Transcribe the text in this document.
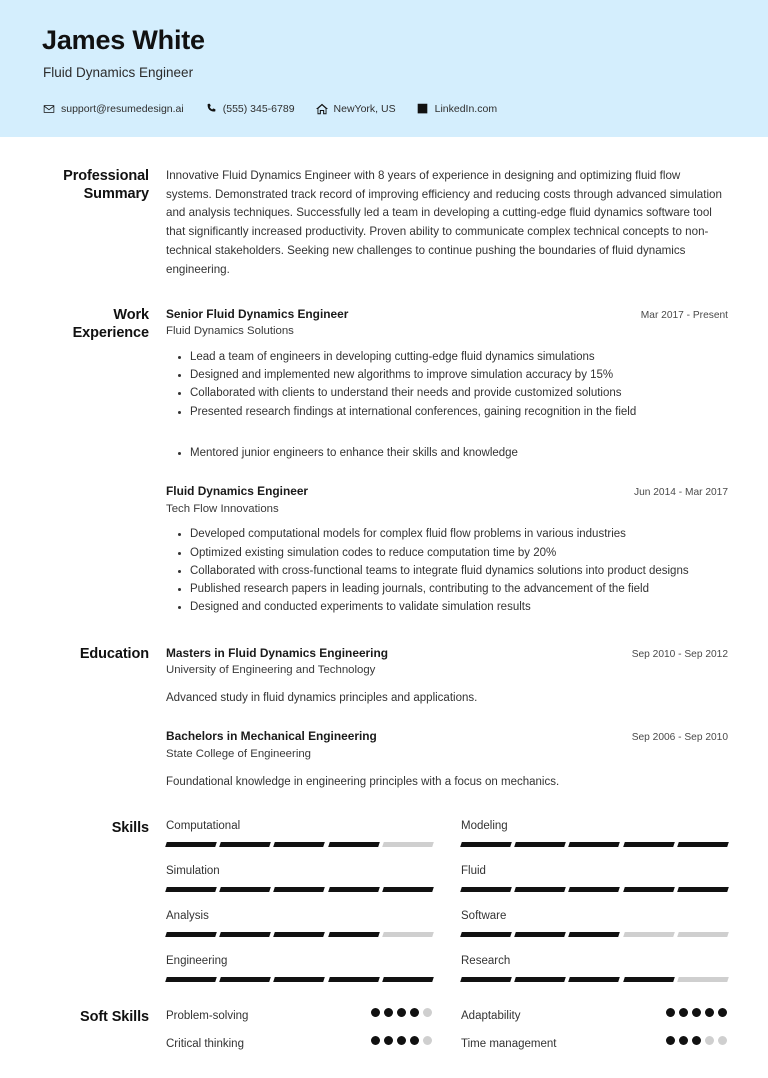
James White
Fluid Dynamics Engineer
support@resumedesign.ai	(555) 345-6789	NewYork, US	LinkedIn.com
Professional Summary

Innovative Fluid Dynamics Engineer with 8 years of experience in designing and optimizing fluid flow systems. Demonstrated track record of improving efficiency and reducing costs through advanced simulation and analysis techniques. Successfully led a team in developing a cutting-edge fluid dynamics software tool that significantly increased productivity. Proven ability to communicate complex technical concepts to non-technical stakeholders. Seeking new challenges to continue pushing the boundaries of fluid dynamics engineering.

Work Experience
Senior Fluid Dynamics Engineer	Mar 2017 - Present
Fluid Dynamics Solutions
Lead a team of engineers in developing cutting-edge fluid dynamics simulations
Designed and implemented new algorithms to improve simulation accuracy by 15%
Collaborated with clients to understand their needs and provide customized solutions
Presented research findings at international conferences, gaining recognition in the field
Mentored junior engineers to enhance their skills and knowledge
Fluid Dynamics Engineer	Jun 2014 - Mar 2017
Tech Flow Innovations
Developed computational models for complex fluid flow problems in various industries
Optimized existing simulation codes to reduce computation time by 20%
Collaborated with cross-functional teams to integrate fluid dynamics solutions into product designs
Published research papers in leading journals, contributing to the advancement of the field
Designed and conducted experiments to validate simulation results
Education	Masters in Fluid Dynamics Engineering	Sep 2010 - Sep 2012
University of Engineering and Technology
Advanced study in fluid dynamics principles and applications.
Bachelors in Mechanical Engineering	Sep 2006 - Sep 2010
State College of Engineering
Foundational knowledge in engineering principles with a focus on mechanics.
Skills	Computational	Modeling
Simulation	Fluid
Analysis	Software
Engineering	Research
Soft Skills	Problem-solving	Adaptability
Critical thinking	Time management
